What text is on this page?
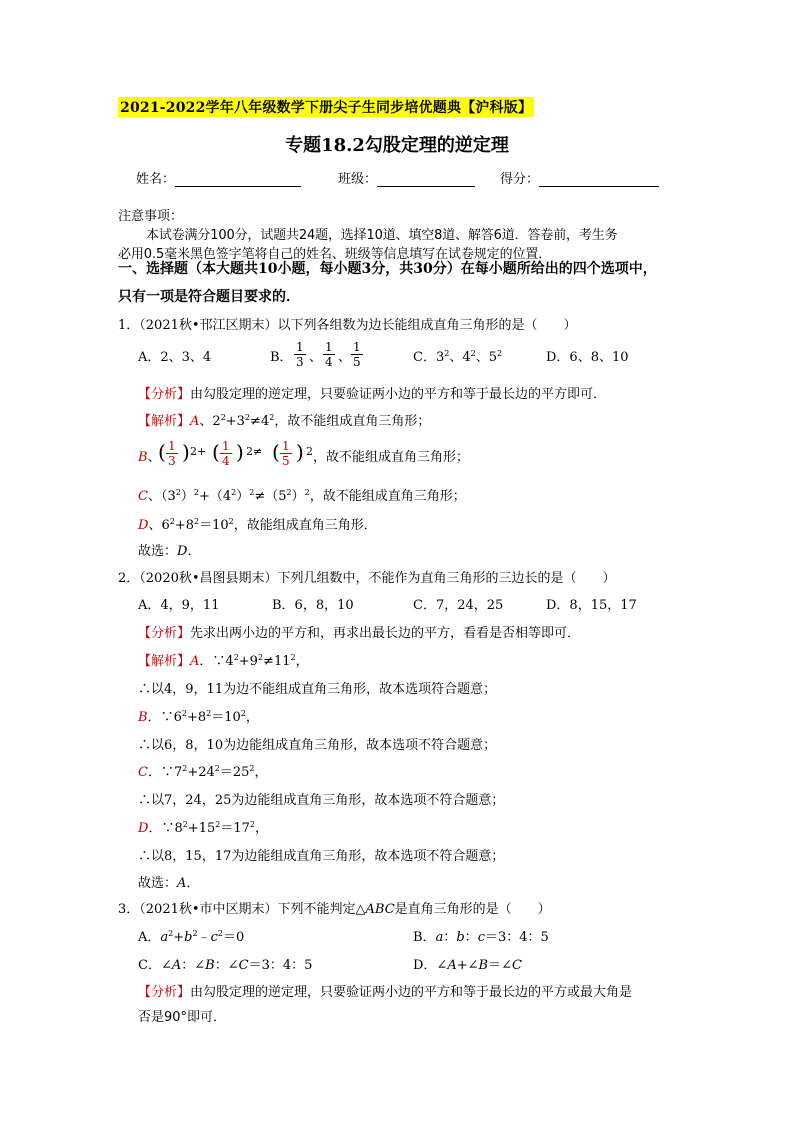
2021-2022学年八年级数学下册尖子生同步培优题典【沪科版】
专题18.2勾股定理的逆定理
姓名：	班级：	得分：
注意事项：
本试卷满分100分，试题共24题，选择10道、填空8道、解答6道．答卷前，考生务
必用0.5毫米黑色签字笔将自己的姓名、班级等信息填写在试卷规定的位置．
一、选择题（本大题共10小题，每小题3分，共30分）在每小题所给出的四个选项中，
只有一项是符合题目要求的．
1．（2021秋•邗江区期末）以下列各组数为边长能组成直角三角形的是（　　）
A．2、3、4	B． $\frac{1}{3}$ 、 $\frac{1}{4}$ 、 $\frac{1}{5}$	C．$3^2$、$4^2$、$5^2$	D．6、8、10
【分析】由勾股定理的逆定理，只要验证两小边的平方和等于最长边的平方即可．
【解析】A、$2^2+3^2\ne 4^2$，故不能组成直角三角形；
B、
( $\frac{1}{3}$ ) 2+ ( $\frac{1}{4}$ ) 2≠ ( $\frac{1}{5}$ ) 2 ，故不能组成直角三角形；
C、$(3^2)^2+(4^2)^2\ne(5^2)^2$，故不能组成直角三角形；
D、$6^2+8^2=10^2$，故能组成直角三角形．
故选：D．
2．（2020秋•昌图县期末）下列几组数中，不能作为直角三角形的三边长的是（　　）
A．4，9，11	B．6，8，10	C．7，24，25	D．8，15，17
【分析】先求出两小边的平方和，再求出最长边的平方，看看是否相等即可．
【解析】A．$\because 4^2+9^2\ne 11^2$，
∴以4，9，11为边不能组成直角三角形，故本选项符合题意；
B．$\because 6^2+8^2=10^2$，
∴以6，8，10为边能组成直角三角形，故本选项不符合题意；
C．$\because 7^2+24^2=25^2$，
∴以7，24，25为边能组成直角三角形，故本选项不符合题意；
D．$\because 8^2+15^2=17^2$，
∴以8，15，17为边能组成直角三角形，故本选项不符合题意；
故选：A．
3．（2021秋•市中区期末）下列不能判定△ABC是直角三角形的是（　　）
A．$a^2+b^2﹣c^2=0$	B．a：b：c＝3：4：5
C．∠A：∠B：∠C＝3：4：5	D．∠A+∠B＝∠C
【分析】由勾股定理的逆定理，只要验证两小边的平方和等于最长边的平方或最大角是
否是90°即可．
